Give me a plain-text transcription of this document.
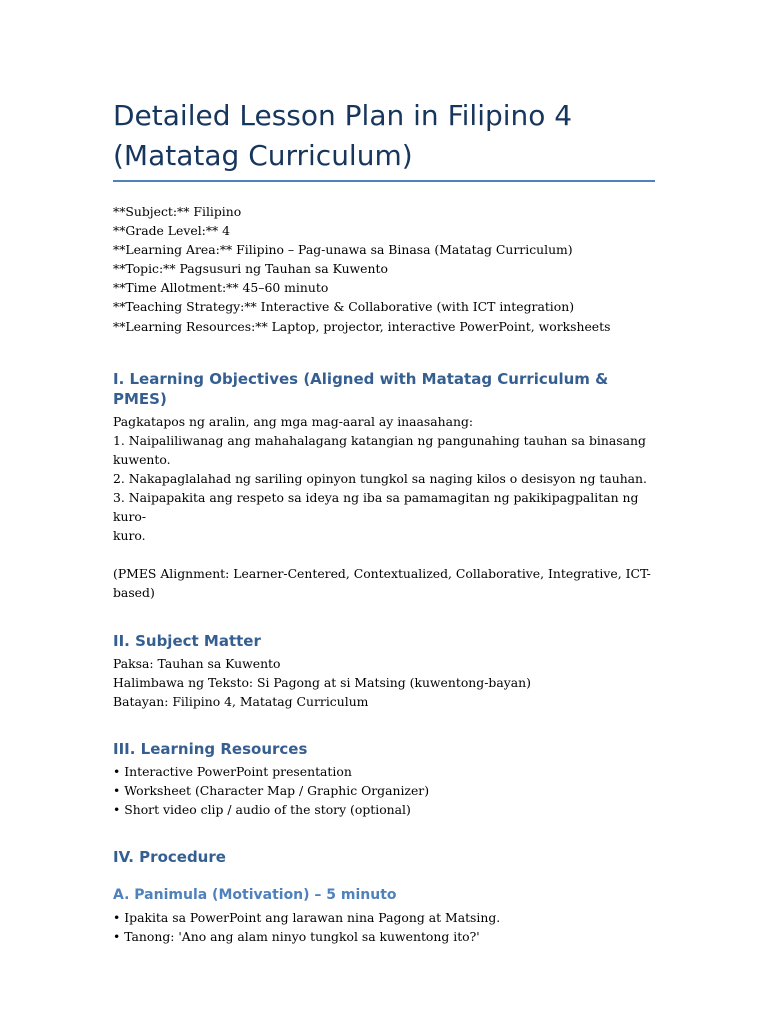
Detailed Lesson Plan in Filipino 4
(Matatag Curriculum)
**Subject:** Filipino
**Grade Level:** 4
**Learning Area:** Filipino – Pag-unawa sa Binasa (Matatag Curriculum)
**Topic:** Pagsusuri ng Tauhan sa Kuwento
**Time Allotment:** 45–60 minuto
**Teaching Strategy:** Interactive & Collaborative (with ICT integration)
**Learning Resources:** Laptop, projector, interactive PowerPoint, worksheets
I. Learning Objectives (Aligned with Matatag Curriculum & PMES)
Pagkatapos ng aralin, ang mga mag-aaral ay inaasahang:
1. Naipaliliwanag ang mahahalagang katangian ng pangunahing tauhan sa binasang
kuwento.
2. Nakapaglalahad ng sariling opinyon tungkol sa naging kilos o desisyon ng tauhan.
3. Naipapakita ang respeto sa ideya ng iba sa pamamagitan ng pakikipagpalitan ng kuro-
kuro.
(PMES Alignment: Learner-Centered, Contextualized, Collaborative, Integrative, ICT-based)
II. Subject Matter
Paksa: Tauhan sa Kuwento
Halimbawa ng Teksto: Si Pagong at si Matsing (kuwentong-bayan)
Batayan: Filipino 4, Matatag Curriculum
III. Learning Resources
• Interactive PowerPoint presentation
• Worksheet (Character Map / Graphic Organizer)
• Short video clip / audio of the story (optional)
IV. Procedure
A. Panimula (Motivation) – 5 minuto
• Ipakita sa PowerPoint ang larawan nina Pagong at Matsing.
• Tanong: 'Ano ang alam ninyo tungkol sa kuwentong ito?'
